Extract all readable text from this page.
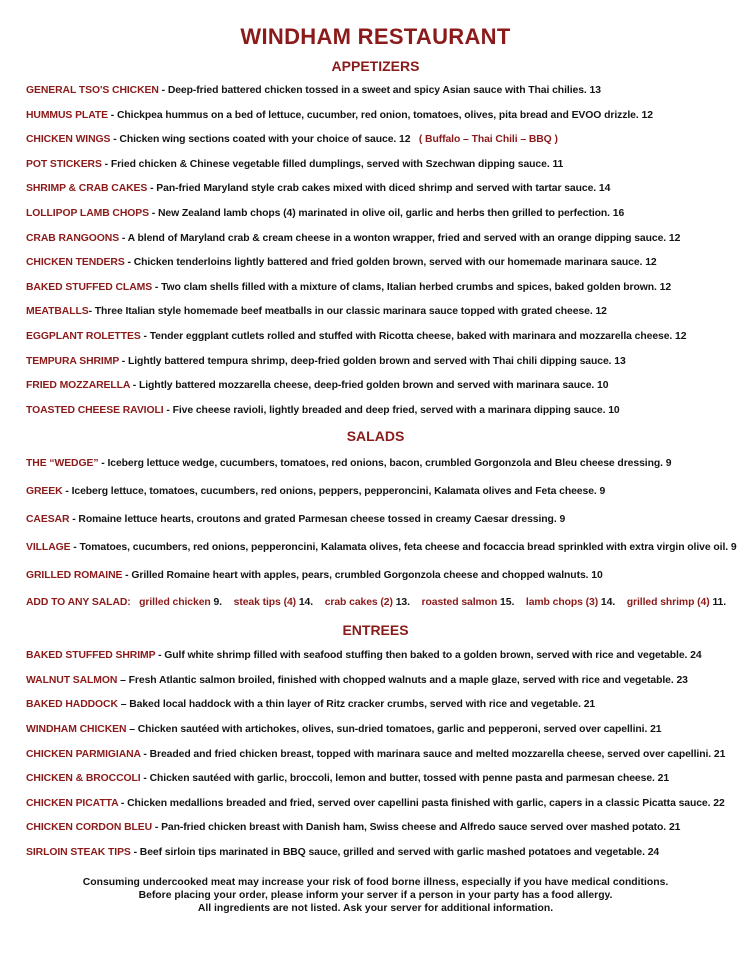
WINDHAM RESTAURANT
APPETIZERS
GENERAL TSO'S CHICKEN - Deep-fried battered chicken tossed in a sweet and spicy Asian sauce with Thai chilies. 13
HUMMUS PLATE - Chickpea hummus on a bed of lettuce, cucumber, red onion, tomatoes, olives, pita bread and EVOO drizzle. 12
CHICKEN WINGS - Chicken wing sections coated with your choice of sauce. 12 ( Buffalo – Thai Chili – BBQ )
POT STICKERS - Fried chicken & Chinese vegetable filled dumplings, served with Szechwan dipping sauce. 11
SHRIMP & CRAB CAKES - Pan-fried Maryland style crab cakes mixed with diced shrimp and served with tartar sauce. 14
LOLLIPOP LAMB CHOPS - New Zealand lamb chops (4) marinated in olive oil, garlic and herbs then grilled to perfection. 16
CRAB RANGOONS - A blend of Maryland crab & cream cheese in a wonton wrapper, fried and served with an orange dipping sauce. 12
CHICKEN TENDERS - Chicken tenderloins lightly battered and fried golden brown, served with our homemade marinara sauce. 12
BAKED STUFFED CLAMS - Two clam shells filled with a mixture of clams, Italian herbed crumbs and spices, baked golden brown. 12
MEATBALLS- Three Italian style homemade beef meatballs in our classic marinara sauce topped with grated cheese. 12
EGGPLANT ROLETTES - Tender eggplant cutlets rolled and stuffed with Ricotta cheese, baked with marinara and mozzarella cheese. 12
TEMPURA SHRIMP - Lightly battered tempura shrimp, deep-fried golden brown and served with Thai chili dipping sauce. 13
FRIED MOZZARELLA - Lightly battered mozzarella cheese, deep-fried golden brown and served with marinara sauce. 10
TOASTED CHEESE RAVIOLI - Five cheese ravioli, lightly breaded and deep fried, served with a marinara dipping sauce. 10
SALADS
THE “WEDGE” - Iceberg lettuce wedge, cucumbers, tomatoes, red onions, bacon, crumbled Gorgonzola and Bleu cheese dressing. 9
GREEK - Iceberg lettuce, tomatoes, cucumbers, red onions, peppers, pepperoncini, Kalamata olives and Feta cheese. 9
CAESAR - Romaine lettuce hearts, croutons and grated Parmesan cheese tossed in creamy Caesar dressing. 9
VILLAGE - Tomatoes, cucumbers, red onions, pepperoncini, Kalamata olives, feta cheese and focaccia bread sprinkled with extra virgin olive oil. 9
GRILLED ROMAINE - Grilled Romaine heart with apples, pears, crumbled Gorgonzola cheese and chopped walnuts. 10
ADD TO ANY SALAD: grilled chicken 9. steak tips (4) 14. crab cakes (2) 13. roasted salmon 15. lamb chops (3) 14. grilled shrimp (4) 11.
ENTREES
BAKED STUFFED SHRIMP - Gulf white shrimp filled with seafood stuffing then baked to a golden brown, served with rice and vegetable. 24
WALNUT SALMON – Fresh Atlantic salmon broiled, finished with chopped walnuts and a maple glaze, served with rice and vegetable. 23
BAKED HADDOCK – Baked local haddock with a thin layer of Ritz cracker crumbs, served with rice and vegetable. 21
WINDHAM CHICKEN – Chicken sautéed with artichokes, olives, sun-dried tomatoes, garlic and pepperoni, served over capellini. 21
CHICKEN PARMIGIANA - Breaded and fried chicken breast, topped with marinara sauce and melted mozzarella cheese, served over capellini. 21
CHICKEN & BROCCOLI - Chicken sautéed with garlic, broccoli, lemon and butter, tossed with penne pasta and parmesan cheese. 21
CHICKEN PICATTA - Chicken medallions breaded and fried, served over capellini pasta finished with garlic, capers in a classic Picatta sauce. 22
CHICKEN CORDON BLEU - Pan-fried chicken breast with Danish ham, Swiss cheese and Alfredo sauce served over mashed potato. 21
SIRLOIN STEAK TIPS - Beef sirloin tips marinated in BBQ sauce, grilled and served with garlic mashed potatoes and vegetable. 24
Consuming undercooked meat may increase your risk of food borne illness, especially if you have medical conditions.
Before placing your order, please inform your server if a person in your party has a food allergy.
All ingredients are not listed. Ask your server for additional information.
